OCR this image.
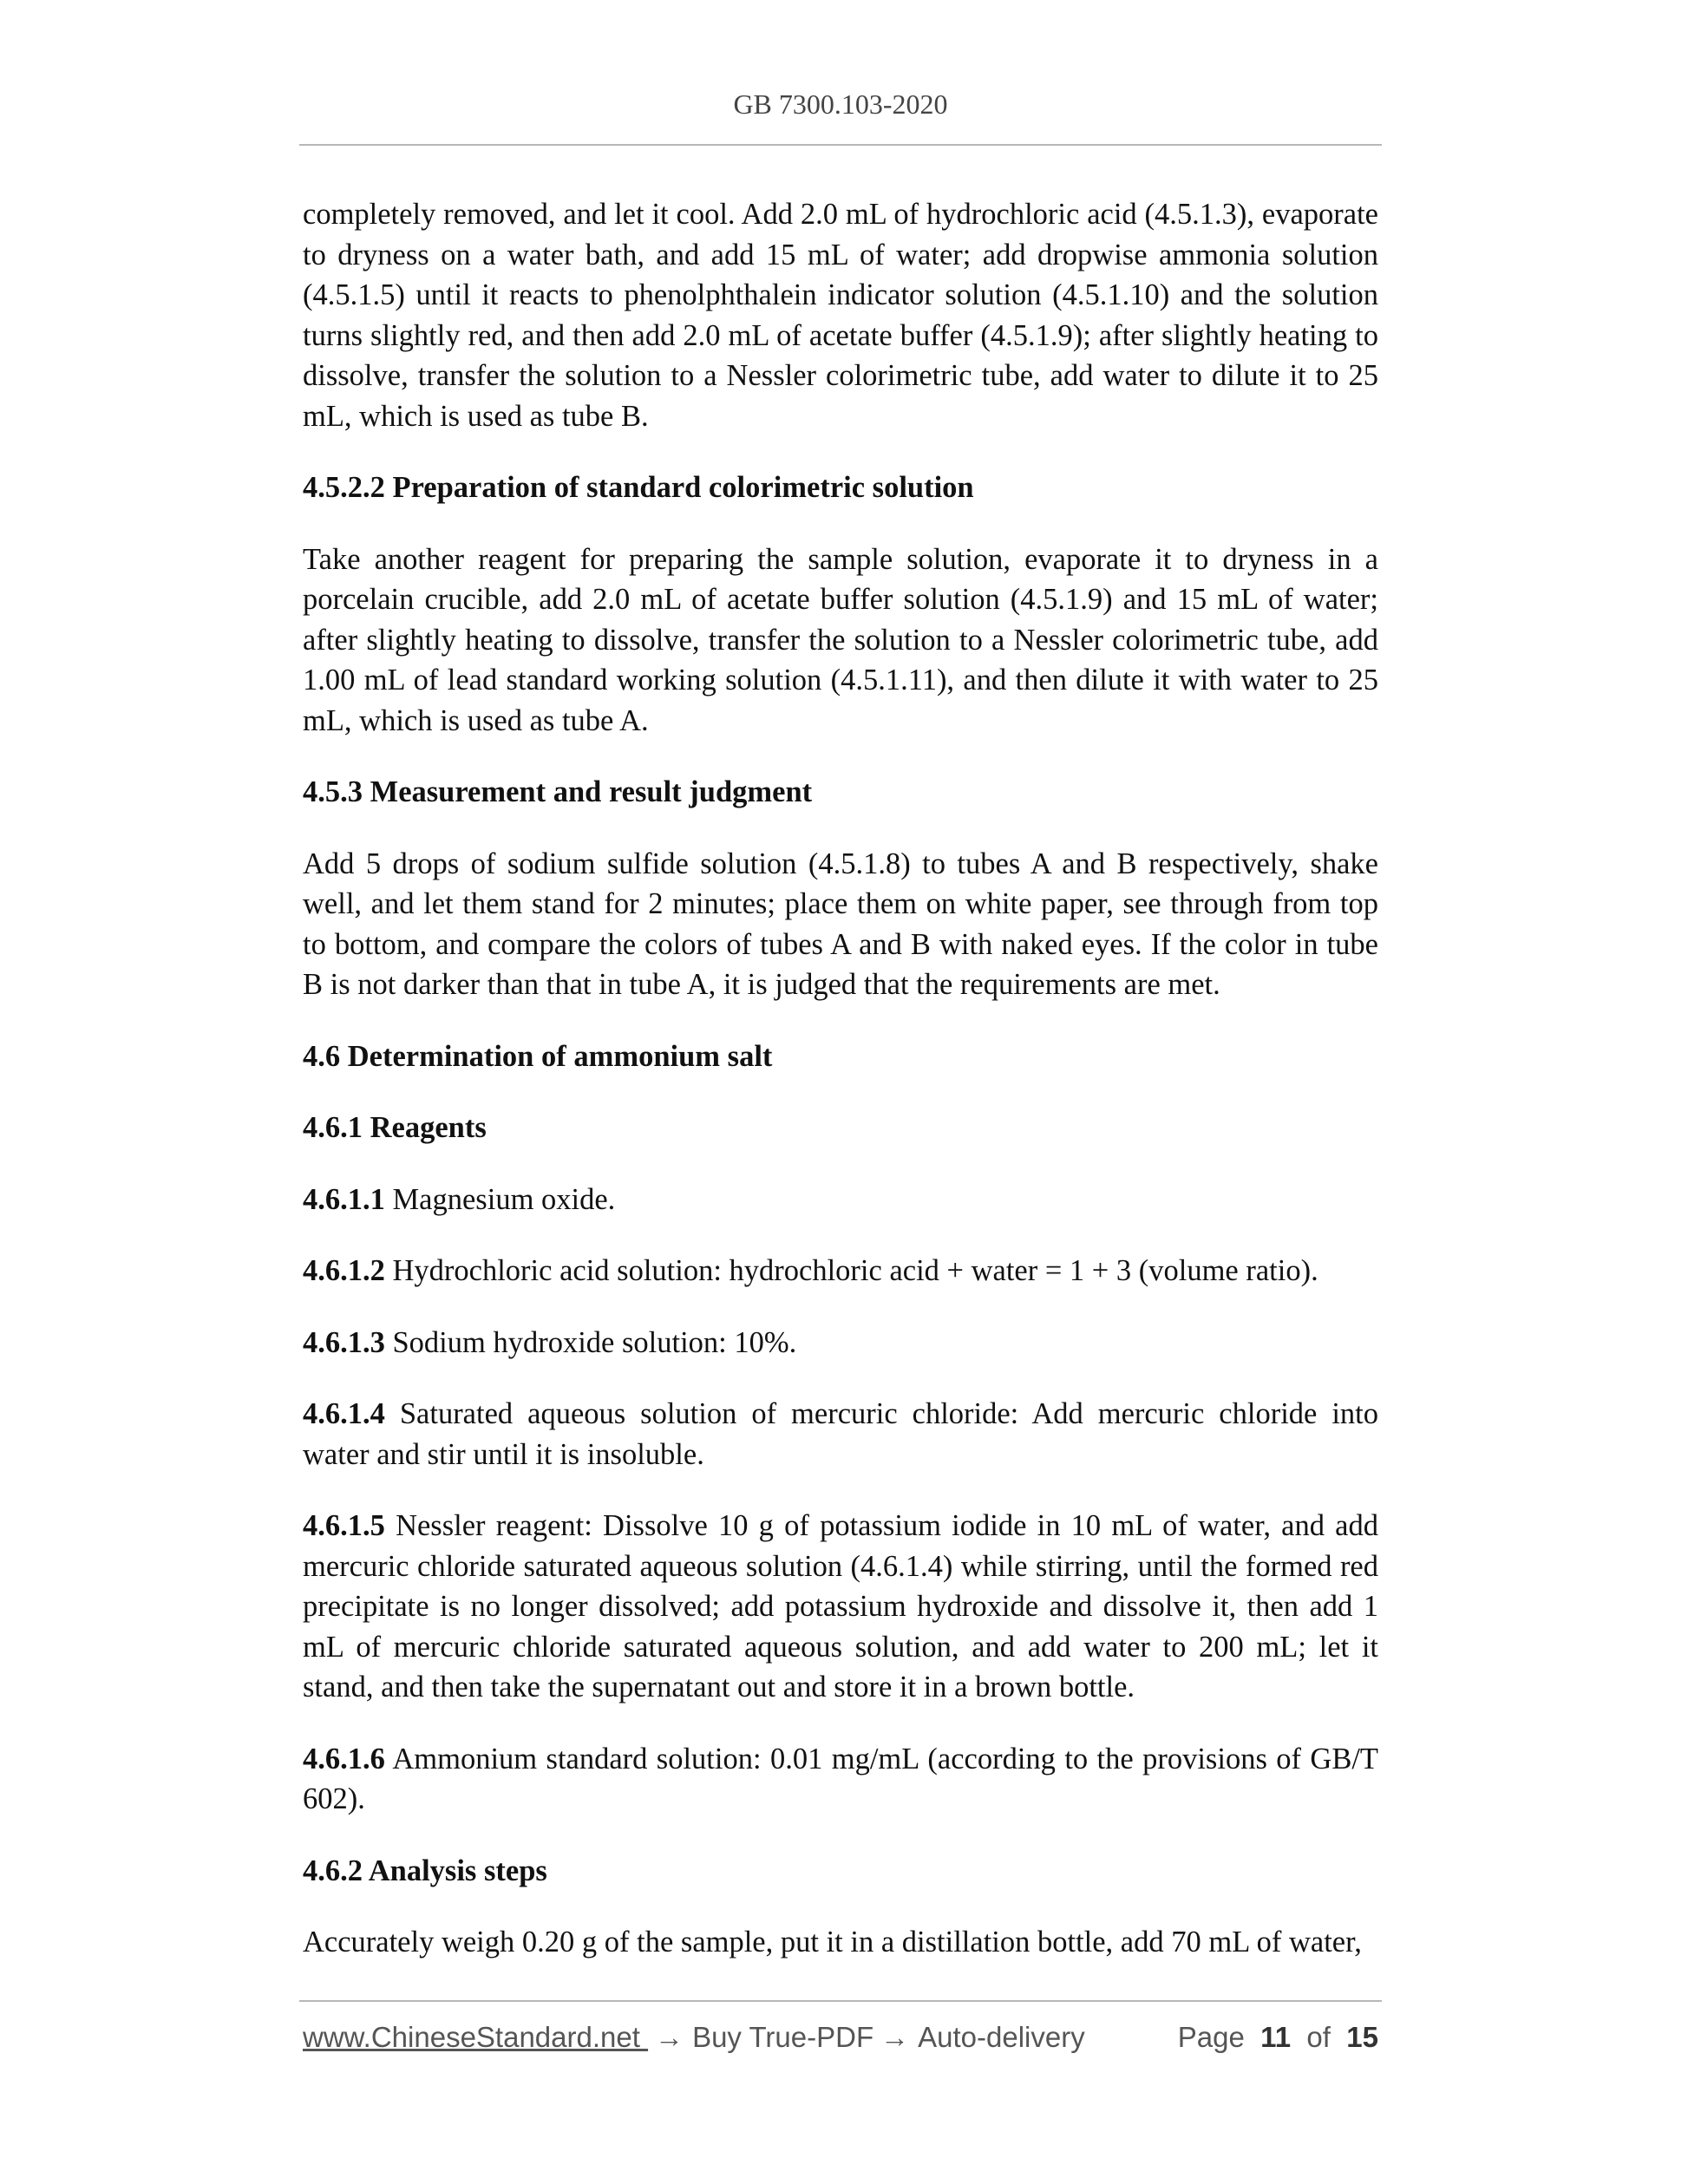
GB 7300.103-2020

completely removed, and let it cool. Add 2.0 mL of hydrochloric acid (4.5.1.3), evaporate to dryness on a water bath, and add 15 mL of water; add dropwise ammonia solution (4.5.1.5) until it reacts to phenolphthalein indicator solution (4.5.1.10) and the solution turns slightly red, and then add 2.0 mL of acetate buffer (4.5.1.9); after slightly heating to dissolve, transfer the solution to a Nessler colorimetric tube, add water to dilute it to 25 mL, which is used as tube B.

4.5.2.2 Preparation of standard colorimetric solution

Take another reagent for preparing the sample solution, evaporate it to dryness in a porcelain crucible, add 2.0 mL of acetate buffer solution (4.5.1.9) and 15 mL of water; after slightly heating to dissolve, transfer the solution to a Nessler colorimetric tube, add 1.00 mL of lead standard working solution (4.5.1.11), and then dilute it with water to 25 mL, which is used as tube A.

4.5.3 Measurement and result judgment

Add 5 drops of sodium sulfide solution (4.5.1.8) to tubes A and B respectively, shake well, and let them stand for 2 minutes; place them on white paper, see through from top to bottom, and compare the colors of tubes A and B with naked eyes. If the color in tube B is not darker than that in tube A, it is judged that the requirements are met.

4.6 Determination of ammonium salt
4.6.1 Reagents

4.6.1.1 Magnesium oxide.

4.6.1.2 Hydrochloric acid solution: hydrochloric acid + water = 1 + 3 (volume ratio).

4.6.1.3 Sodium hydroxide solution: 10%.

4.6.1.4 Saturated aqueous solution of mercuric chloride: Add mercuric chloride into water and stir until it is insoluble.

4.6.1.5 Nessler reagent: Dissolve 10 g of potassium iodide in 10 mL of water, and add mercuric chloride saturated aqueous solution (4.6.1.4) while stirring, until the formed red precipitate is no longer dissolved; add potassium hydroxide and dissolve it, then add 1 mL of mercuric chloride saturated aqueous solution, and add water to 200 mL; let it stand, and then take the supernatant out and store it in a brown bottle.

4.6.1.6 Ammonium standard solution: 0.01 mg/mL (according to the provisions of GB/T 602).

4.6.2 Analysis steps

Accurately weigh 0.20 g of the sample, put it in a distillation bottle, add 70 mL of water,

www.ChineseStandard.net → Buy True-PDF → Auto-delivery	Page 11 of 15
